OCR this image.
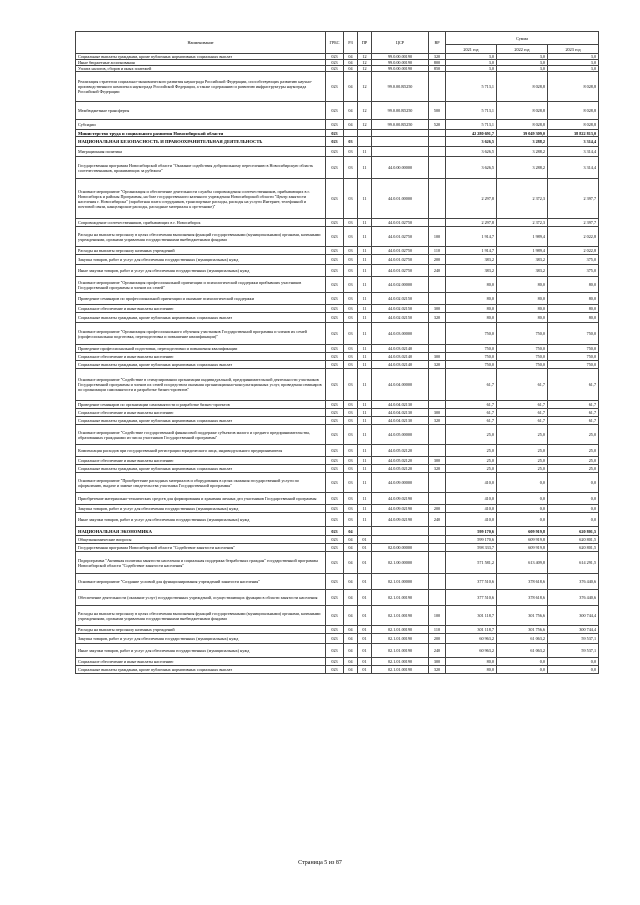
Наименование	ГРБС	РЗ	ПР	ЦСР	ВР	Сумма		
						2021 год	2022 год	2023 год
Социальные выплаты гражданам, кроме публичных нормативных социальных выплат	023	04	12	99.0.00.00190	320	3,0	3,0	3,0
Иные бюджетные ассигнования	023	04	12	99.0.00.00190	800	3,0	3,0	3,0
Уплата налогов, сборов и иных платежей	023	04	12	99.0.00.00190	850	3,0	3,0	3,0
Реализация стратегии социально-экономического развития наукограда Российской Федерации, способствующих развитию научно-производственного комплекса наукограда Российской Федерации, а также содержанию и развитию инфраструктуры наукограда Российской Федерации	023	04	12	99.0.00.R5250		5 713,1	8 028,8	8 028,8
Межбюджетные трансферты	023	04	12	99.0.00.R5250	500	5 713,1	8 028,8	8 028,8
Субсидии	023	04	12	99.0.00.R5250	520	5 713,1	8 028,8	8 028,8
Министерство труда и социального развития Новосибирской области	023					42 280 691,7	39 049 309,0	38 822 813,0
НАЦИОНАЛЬНАЯ БЕЗОПАСНОСТЬ И ПРАВООХРАНИТЕЛЬНАЯ ДЕЯТЕЛЬНОСТЬ	023	03				3 626,5	3 288,2	3 314,4
Миграционная политика	023	03	11			3 626,5	3 288,2	3 314,4
Государственная программа Новосибирской области "Оказание содействия добровольному переселению в Новосибирскую область соотечественников, проживающих за рубежом"	023	03	11	44.0.00.00000		3 626,5	3 288,2	3 314,4
Основное мероприятие "Организация и обеспечение деятельности службы сопровождения соотечественников, прибывающих в г. Новосибирск и районы Программы, на базе государственного казенного учреждения Новосибирской области "Центр занятости населения г. Новосибирска" (заработная плата сотрудников, транспортные расходы, расходы на услуги Интернет, телефонной и почтовой связи, канцелярские расходы, расходные материалы к оргтехнике)"	023	03	11	44.0.01.00000		2 297,8	2 372,3	2 397,7
Сопровождение соотечественников, прибывающих в г. Новосибирск	023	03	11	44.0.01.02750		2 297,8	2 372,3	2 397,7
Расходы на выплаты персоналу в целях обеспечения выполнения функций государственными (муниципальными) органами, казенными учреждениями, органами управления государственными внебюджетными фондами	023	03	11	44.0.01.02750	100	1 914,7	1 989,4	2 022,8
Расходы на выплаты персоналу казенных учреждений	023	03	11	44.0.01.02750	110	1 914,7	1 989,4	2 022,8
Закупка товаров, работ и услуг для обеспечения государственных (муниципальных) нужд	023	03	11	44.0.01.02750	200	383,2	383,2	375,0
Иные закупки товаров, работ и услуг для обеспечения государственных (муниципальных) нужд	023	03	11	44.0.01.02750	240	383,2	383,2	375,0
Основное мероприятие "Организация профессиональной ориентации и психологической поддержки прибывших участников Государственной программы и членов их семей"	023	03	11	44.0.02.00000		80,0	80,0	80,0
Проведение семинаров по профессиональной ориентации и оказание психологической поддержки	023	03	11	44.0.02.02150		80,0	80,0	80,0
Социальное обеспечение и иные выплаты населению	023	03	11	44.0.02.02150	300	80,0	80,0	80,0
Социальные выплаты гражданам, кроме публичных нормативных социальных выплат	023	03	11	44.0.02.02150	320	80,0	80,0	80,0
Основное мероприятие "Организация профессионального обучения участников Государственной программы и членов их семей (профессиональная подготовка, переподготовка и повышение квалификации)"	023	03	11	44.0.03.00000		750,0	750,0	750,0
Проведение профессиональной подготовки, переподготовки и повышения квалификации	023	03	11	44.0.03.02140		750,0	750,0	750,0
Социальное обеспечение и иные выплаты населению	023	03	11	44.0.03.02140	300	750,0	750,0	750,0
Социальные выплаты гражданам, кроме публичных нормативных социальных выплат	023	03	11	44.0.03.02140	320	750,0	750,0	750,0
Основное мероприятие "Содействие в стимулировании организации индивидуальной, предпринимательской деятельности участников Государственной программы и членов их семей посредством оказания организационно-консультационных услуг, проведения семинаров по организации самозанятости и разработке бизнес-проектов"	023	03	11	44.0.04.00000		61,7	61,7	61,7
Проведение семинаров по организации самозанятости и разработке бизнес-проектов	023	03	11	44.0.04.02130		61,7	61,7	61,7
Социальное обеспечение и иные выплаты населению	023	03	11	44.0.04.02130	300	61,7	61,7	61,7
Социальные выплаты гражданам, кроме публичных нормативных социальных выплат	023	03	11	44.0.04.02130	320	61,7	61,7	61,7
Основное мероприятие "Содействие государственной финансовой поддержке субъектов малого и среднего предпринимательства, образованных гражданами из числа участников Государственной программы"	023	03	11	44.0.05.00000		25,0	25,0	25,0
Компенсация расходов при государственной регистрации юридического лица, индивидуального предпринимателя	023	03	11	44.0.05.02120		25,0	25,0	25,0
Социальное обеспечение и иные выплаты населению	023	03	11	44.0.05.02120	300	25,0	25,0	25,0
Социальные выплаты гражданам, кроме публичных нормативных социальных выплат	023	03	11	44.0.05.02120	320	25,0	25,0	25,0
Основное мероприятие "Приобретение расходных материалов и оборудования в целях оказания государственной услуги по оформлению, выдаче и замене свидетельства участника Государственной программы"	023	03	11	44.0.09.00000		410,0	0,0	0,0
Приобретение материально-технических средств для формирования и хранения личных дел участников Государственной программы	023	03	11	44.0.09.02190		410,0	0,0	0,0
Закупка товаров, работ и услуг для обеспечения государственных (муниципальных) нужд	023	03	11	44.0.09.02190	200	410,0	0,0	0,0
Иные закупки товаров, работ и услуг для обеспечения государственных (муниципальных) нужд	023	03	11	44.0.09.02190	240	410,0	0,0	0,0
НАЦИОНАЛЬНАЯ ЭКОНОМИКА	023	04				599 170,6	609 919,8	620 801,5
Общеэкономические вопросы	023	04	01			599 170,6	609 919,8	620 801,5
Государственная программа Новосибирской области "Содействие занятости населения"	023	04	01	02.0.00.00000		598 333,7	609 919,8	620 801,5
Подпрограмма "Активная политика занятости населения и социальная поддержка безработных граждан" государственной программы Новосибирской области "Содействие занятости населения"	023	04	01	02.1.00.00000		571 581,2	613 409,8	614 291,5
Основное мероприятие "Создание условий для функционирования учреждений занятости населения"	023	04	01	02.1.01.00000		377 510,6	378 618,6	376 440,6
Обеспечение деятельности (оказание услуг) государственных учреждений, осуществляющих функции в области занятости населения	023	04	01	02.1.01.00190		377 510,6	378 618,6	376 440,6
Расходы на выплаты персоналу в целях обеспечения выполнения функций государственными (муниципальными) органами, казенными учреждениями, органами управления государственными внебюджетными фондами	023	04	01	02.1.01.00190	100	301 118,7	301 756,6	300 744,4
Расходы на выплаты персоналу казенных учреждений	023	04	01	02.1.01.00190	110	301 118,7	301 756,6	300 744,4
Закупка товаров, работ и услуг для обеспечения государственных (муниципальных) нужд	023	04	01	02.1.01.00190	200	60 963,2	61 063,2	59 537,1
Иные закупки товаров, работ и услуг для обеспечения государственных (муниципальных) нужд	023	04	01	02.1.01.00190	240	60 963,2	61 063,2	59 537,1
Социальное обеспечение и иные выплаты населению	023	04	01	02.1.01.00190	300	80,0	0,0	0,0
Социальные выплаты гражданам, кроме публичных нормативных социальных выплат	023	04	01	02.1.01.00190	320	80,0	0,0	0,0
Страница 5 из 87
